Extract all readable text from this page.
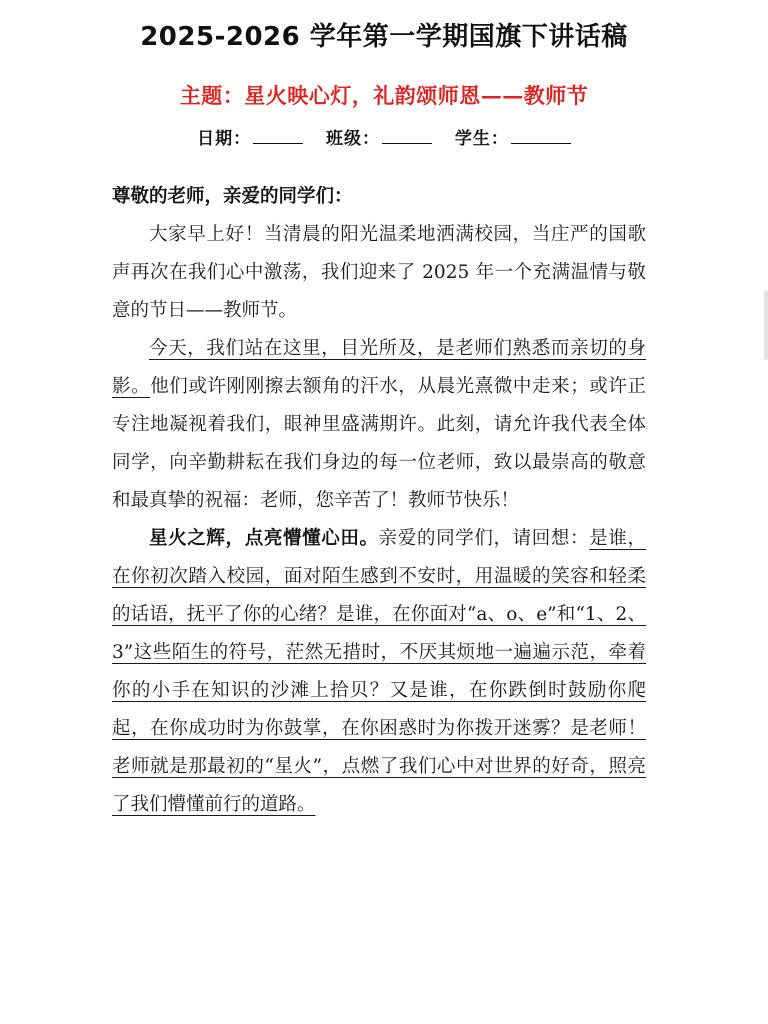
2025-2026 学年第一学期国旗下讲话稿
主题：星火映心灯，礼韵颂师恩——教师节
日期：	班级：	学生：

尊敬的老师，亲爱的同学们：

大家早上好！当清晨的阳光温柔地洒满校园，当庄严的国歌声再次在我们心中激荡，我们迎来了 2025 年一个充满温情与敬意的节日——教师节。

今天，我们站在这里，目光所及，是老师们熟悉而亲切的身影。他们或许刚刚擦去额角的汗水，从晨光熹微中走来；或许正专注地凝视着我们，眼神里盛满期许。此刻，请允许我代表全体同学，向辛勤耕耘在我们身边的每一位老师，致以最崇高的敬意和最真挚的祝福：老师，您辛苦了！教师节快乐！

星火之辉，点亮懵懂心田。亲爱的同学们，请回想：是谁，在你初次踏入校园，面对陌生感到不安时，用温暖的笑容和轻柔的话语，抚平了你的心绪？是谁，在你面对“a、o、e”和“1、2、3”这些陌生的符号，茫然无措时，不厌其烦地一遍遍示范，牵着你的小手在知识的沙滩上拾贝？又是谁，在你跌倒时鼓励你爬起，在你成功时为你鼓掌，在你困惑时为你拨开迷雾？是老师！老师就是那最初的“星火”，点燃了我们心中对世界的好奇，照亮了我们懵懂前行的道路。
